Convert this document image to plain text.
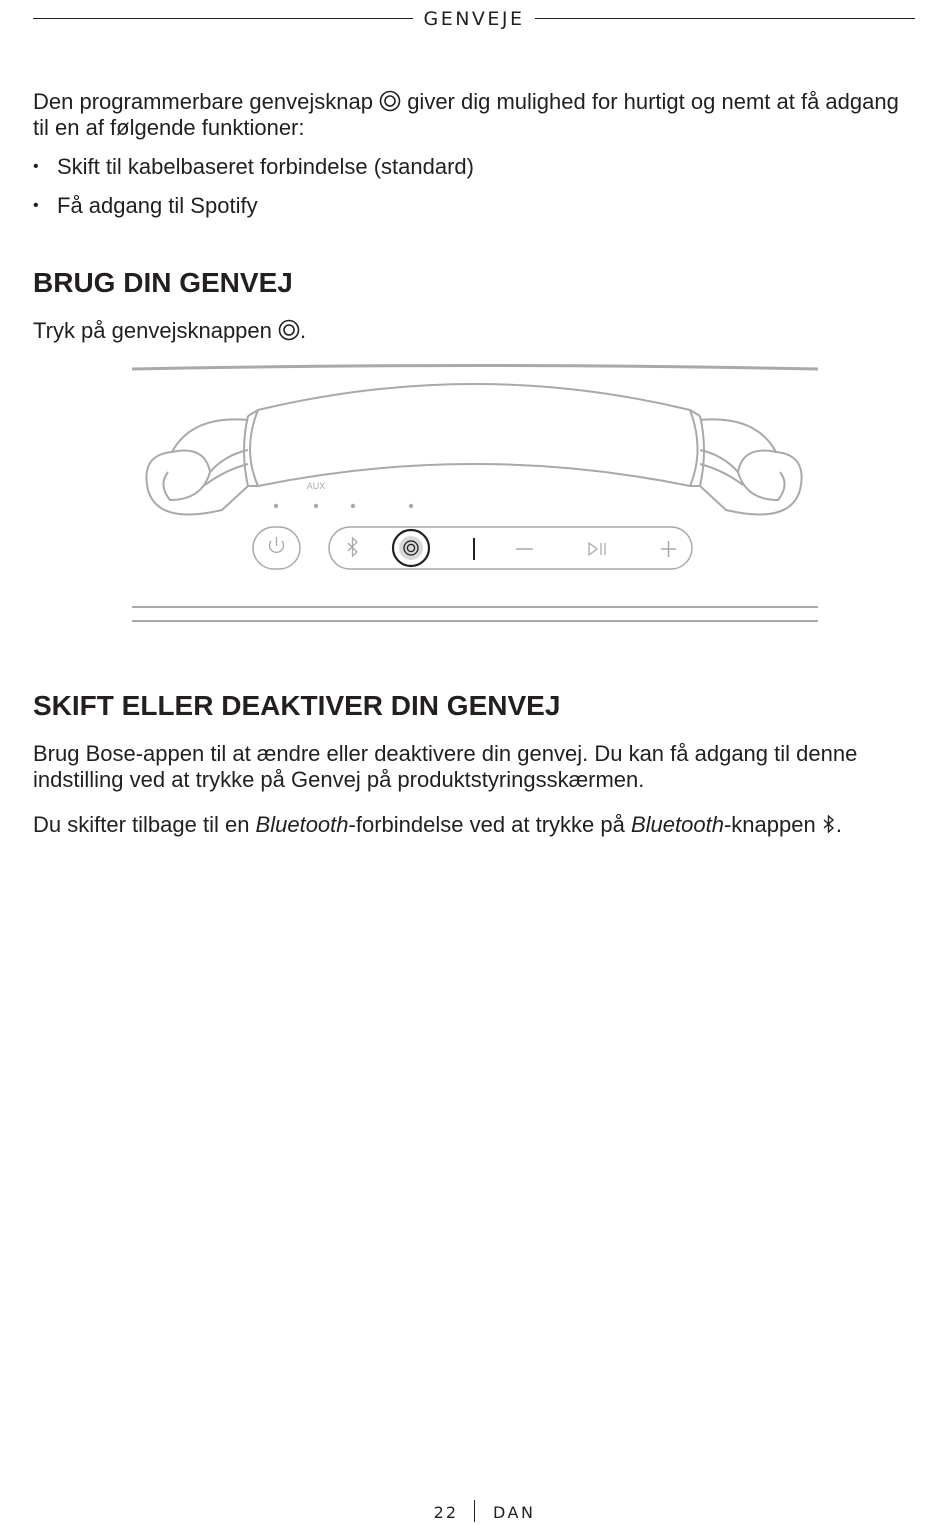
GENVEJE

Den programmerbare genvejsknap  giver dig mulighed for hurtigt og nemt at få adgang til en af følgende funktioner:

• Skift til kabelbaseret forbindelse (standard)
• Få adgang til Spotify
BRUG DIN GENVEJ

Tryk på genvejsknappen .

AUX
SKIFT ELLER DEAKTIVER DIN GENVEJ

Brug Bose-appen til at ændre eller deaktivere din genvej. Du kan få adgang til denne indstilling ved at trykke på Genvej på produktstyringsskærmen.

Du skifter tilbage til en Bluetooth-forbindelse ved at trykke på Bluetooth-knappen .

22 DAN
